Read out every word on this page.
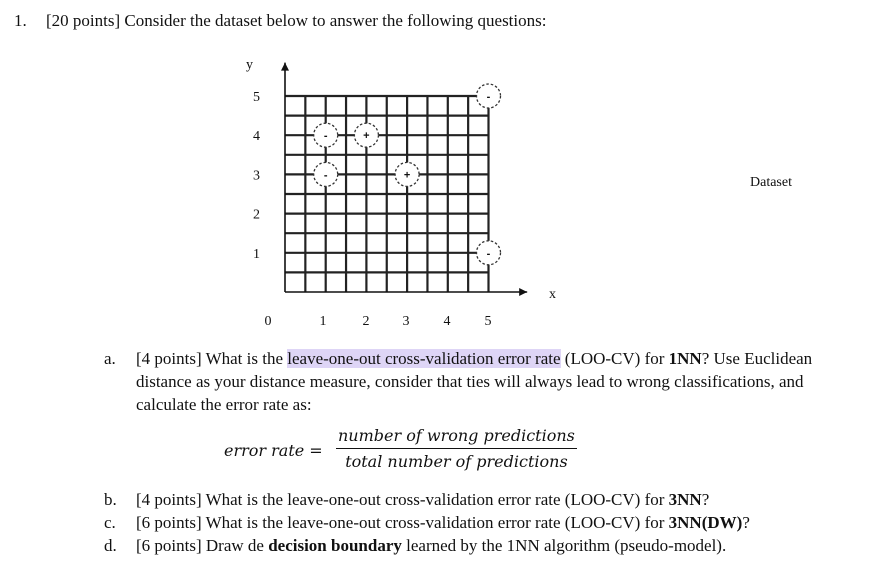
1. [20 points] Consider the dataset below to answer the following questions:
y
x
1
2
3
4
5
0	1	2 3 4 5
-	+
-	+
-
-
Dataset
a. [4 points] What is the leave-one-out cross-validation error rate (LOO-CV) for 1NN? Use Euclidean distance as your distance measure, consider that ties will always lead to wrong classifications, and calculate the error rate as:
error rate =
number of wrong predictions
total number of predictions
b. [4 points] What is the leave-one-out cross-validation error rate (LOO-CV) for 3NN?
c. [6 points] What is the leave-one-out cross-validation error rate (LOO-CV) for 3NN(DW)?
d. [6 points] Draw de decision boundary learned by the 1NN algorithm (pseudo-model).
